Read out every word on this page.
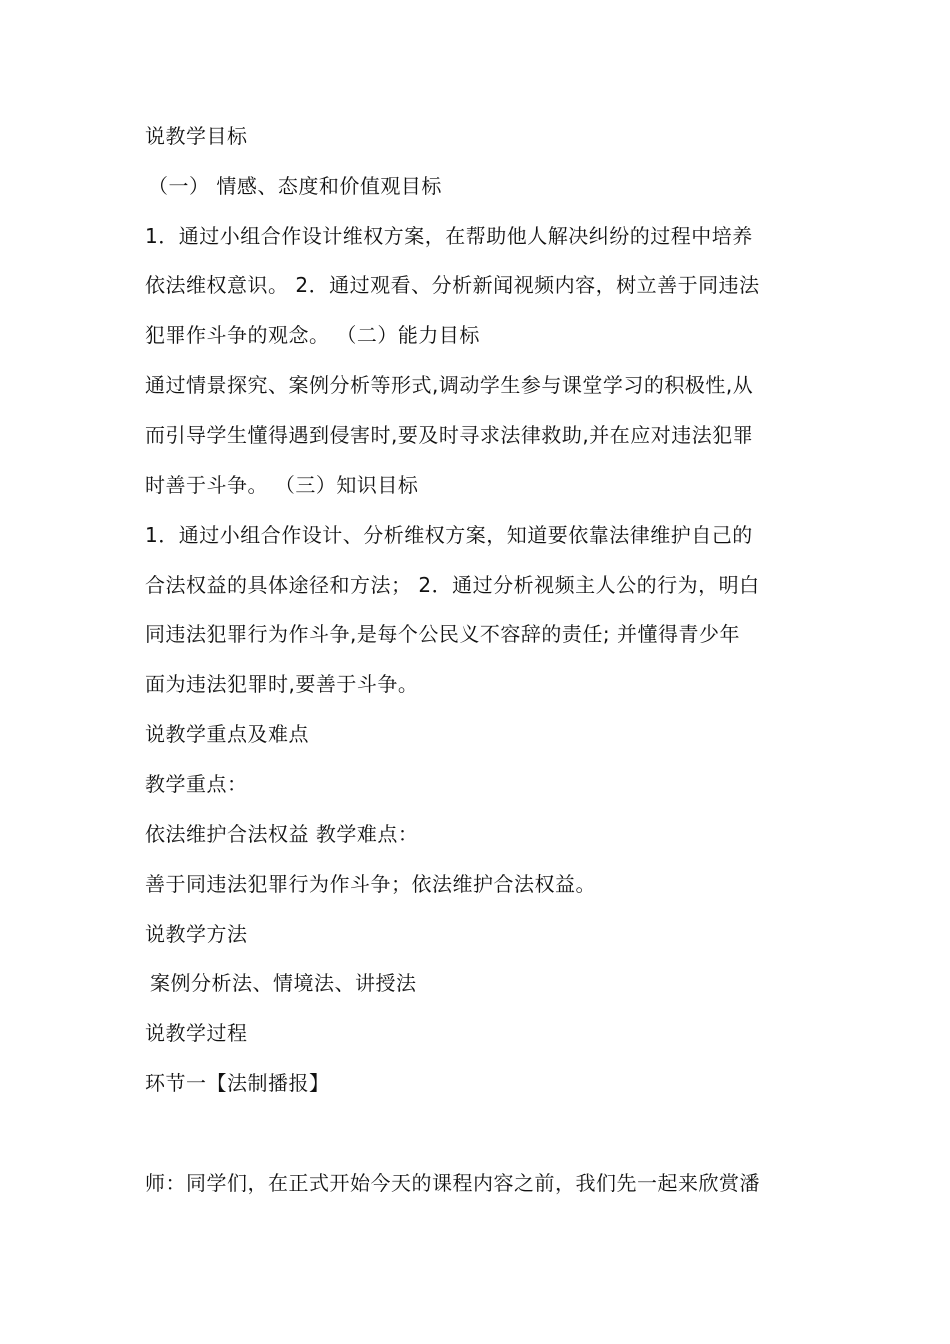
说教学目标
（一） 情感、态度和价值观目标
1．通过小组合作设计维权方案，在帮助他人解决纠纷的过程中培养
依法维权意识。 2．通过观看、分析新闻视频内容，树立善于同违法
犯罪作斗争的观念。 （二）能力目标
通过情景探究、案例分析等形式,调动学生参与课堂学习的积极性,从
而引导学生懂得遇到侵害时,要及时寻求法律救助,并在应对违法犯罪
时善于斗争。 （三）知识目标
1．通过小组合作设计、分析维权方案，知道要依靠法律维护自己的
合法权益的具体途径和方法； 2．通过分析视频主人公的行为，明白
同违法犯罪行为作斗争,是每个公民义不容辞的责任; 并懂得青少年
面为违法犯罪时,要善于斗争。
说教学重点及难点
教学重点：
依法维护合法权益 教学难点：
善于同违法犯罪行为作斗争；依法维护合法权益。
说教学方法
案例分析法、情境法、讲授法
说教学过程
环节一【法制播报】
师：同学们，在正式开始今天的课程内容之前，我们先一起来欣赏潘
